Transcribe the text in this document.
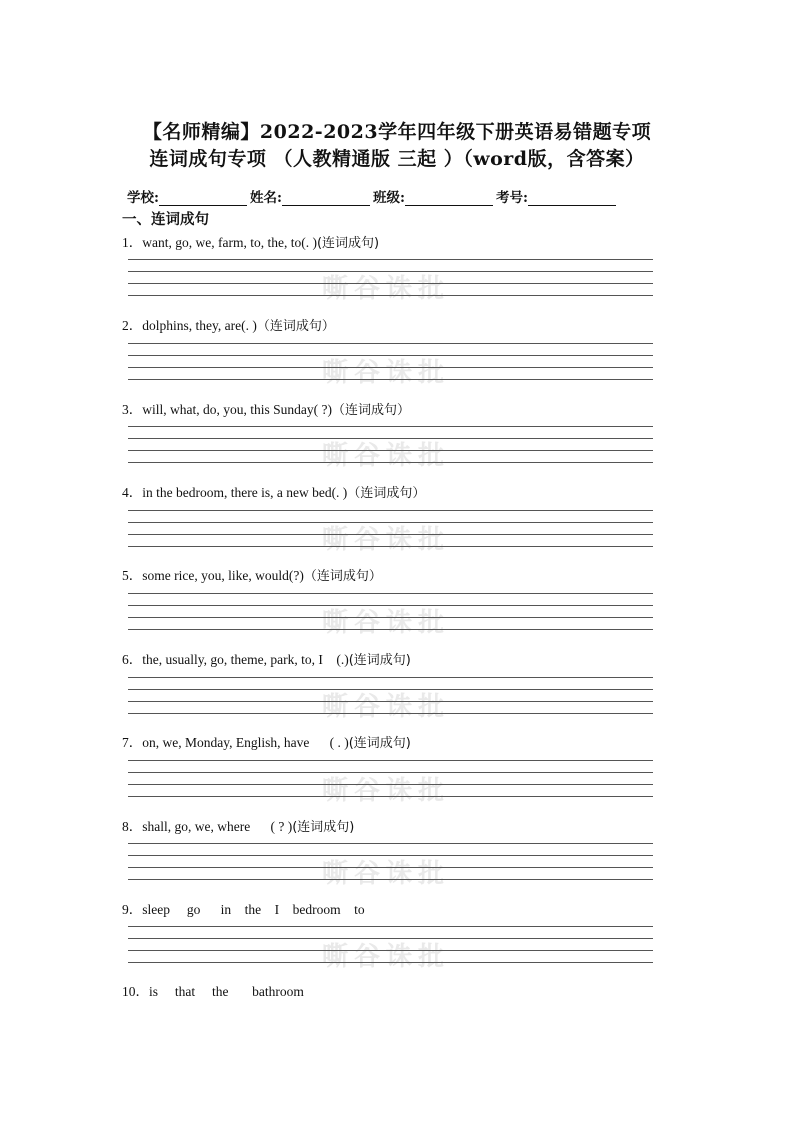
【名师精编】2022-2023学年四年级下册英语易错题专项
连词成句专项 （人教精通版 三起 ）（word版，含答案）
学校:	姓名:	班级:	考号:
一、连词成句
1．want, go, we, farm, to, the, to(. )(连词成句)
嘶谷诛批
2．dolphins, they, are(. )（连词成句）
嘶谷诛批
3．will, what, do, you, this Sunday( ?)（连词成句）
嘶谷诛批
4．in the bedroom, there is, a new bed(. )（连词成句）
嘶谷诛批
5．some rice, you, like, would(?)（连词成句）
嘶谷诛批
6．the, usually, go, theme, park, to, I    (.)(连词成句)
嘶谷诛批
7．on, we, Monday, English, have      ( . )(连词成句)
嘶谷诛批
8．shall, go, we, where      ( ? )(连词成句)
嘶谷诛批
9．sleep     go      in    the    I    bedroom    to
嘶谷诛批
10．is     that     the       bathroom
